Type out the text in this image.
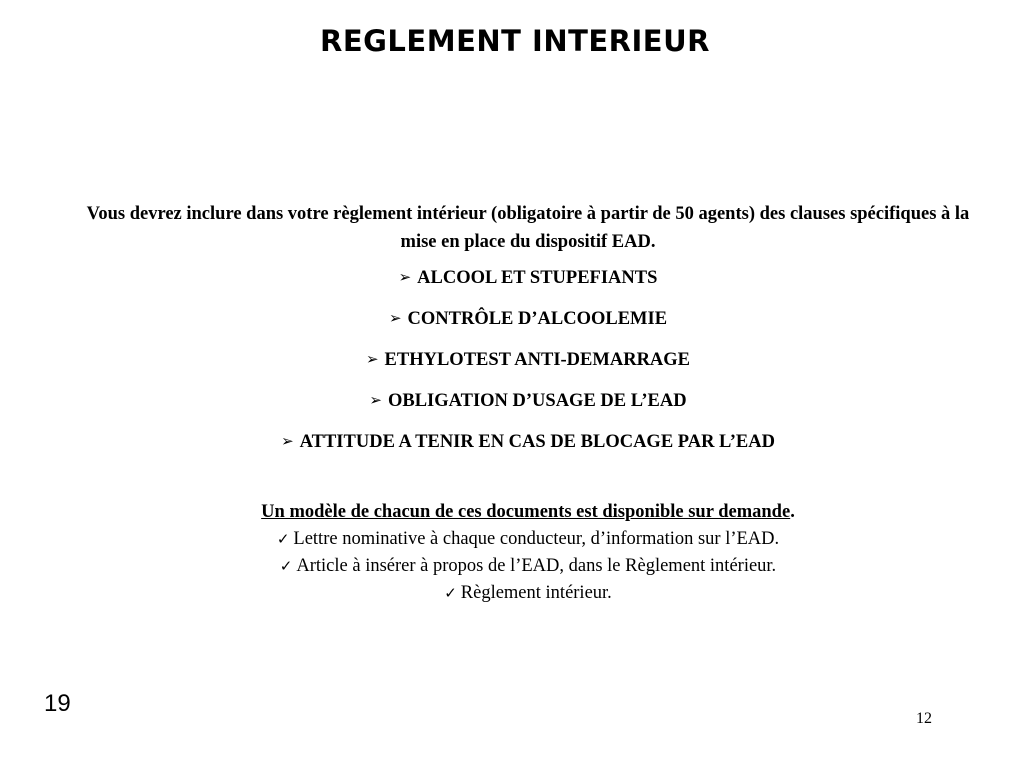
REGLEMENT INTERIEUR

Vous devrez inclure dans votre règlement intérieur (obligatoire à partir de 50 agents) des clauses spécifiques à la mise en place du dispositif EAD.

➢ ALCOOL ET STUPEFIANTS
➢ CONTRÔLE D’ALCOOLEMIE
➢ ETHYLOTEST ANTI-DEMARRAGE
➢ OBLIGATION D’USAGE DE L’EAD
➢ ATTITUDE A TENIR EN CAS DE BLOCAGE PAR L’EAD
Un modèle de chacun de ces documents est disponible sur demande.
✓ Lettre nominative à chaque conducteur, d’information sur l’EAD.
✓ Article à insérer à propos de l’EAD, dans le Règlement intérieur.
✓ Règlement intérieur.
19
12
